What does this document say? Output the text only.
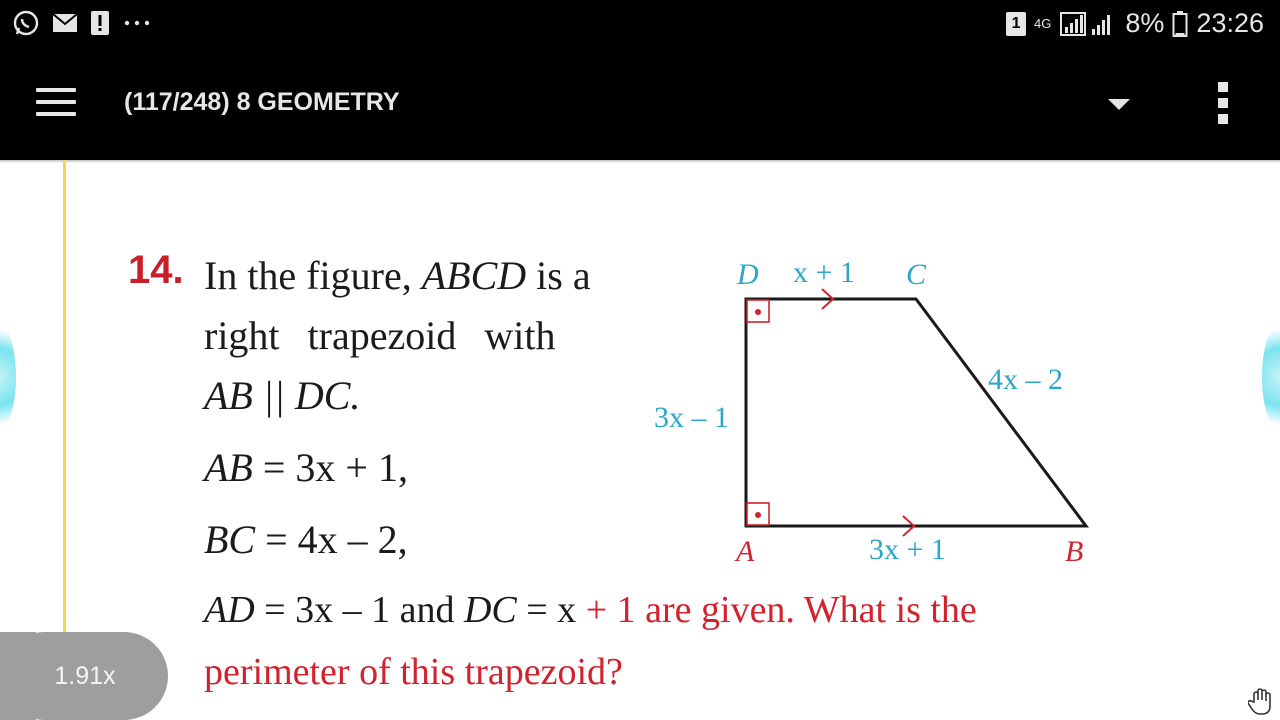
1	4G	8% 23:26
(117/248) 8 GEOMETRY
14. In the figure, ABCD is a
right trapezoid with
AB || DC.
AB = 3x + 1,
BC = 4x – 2,
AD = 3x – 1 and DC = x + 1 are given. What is the
perimeter of this trapezoid?
D	C
A	B
x + 1
4x – 2
3x – 1
3x + 1
1.91x
